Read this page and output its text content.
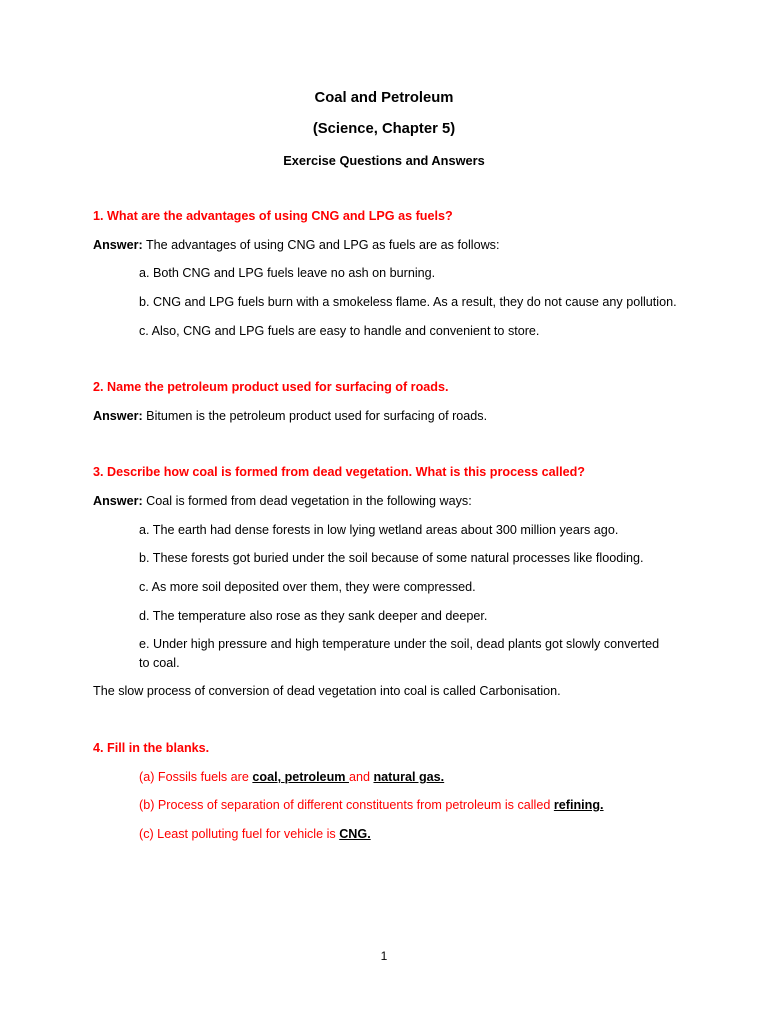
Coal and Petroleum
(Science, Chapter 5)
Exercise Questions and Answers
1. What are the advantages of using CNG and LPG as fuels?
Answer: The advantages of using CNG and LPG as fuels are as follows:
a. Both CNG and LPG fuels leave no ash on burning.
b. CNG and LPG fuels burn with a smokeless flame. As a result, they do not cause any pollution.
c. Also, CNG and LPG fuels are easy to handle and convenient to store.
2. Name the petroleum product used for surfacing of roads.
Answer: Bitumen is the petroleum product used for surfacing of roads.
3. Describe how coal is formed from dead vegetation. What is this process called?
Answer: Coal is formed from dead vegetation in the following ways:
a. The earth had dense forests in low lying wetland areas about 300 million years ago.
b. These forests got buried under the soil because of some natural processes like flooding.
c. As more soil deposited over them, they were compressed.
d. The temperature also rose as they sank deeper and deeper.
e. Under high pressure and high temperature under the soil, dead plants got slowly converted
to coal.
The slow process of conversion of dead vegetation into coal is called Carbonisation.
4. Fill in the blanks.
(a) Fossils fuels are coal, petroleum and natural gas.
(b) Process of separation of different constituents from petroleum is called refining.
(c) Least polluting fuel for vehicle is CNG.
1
